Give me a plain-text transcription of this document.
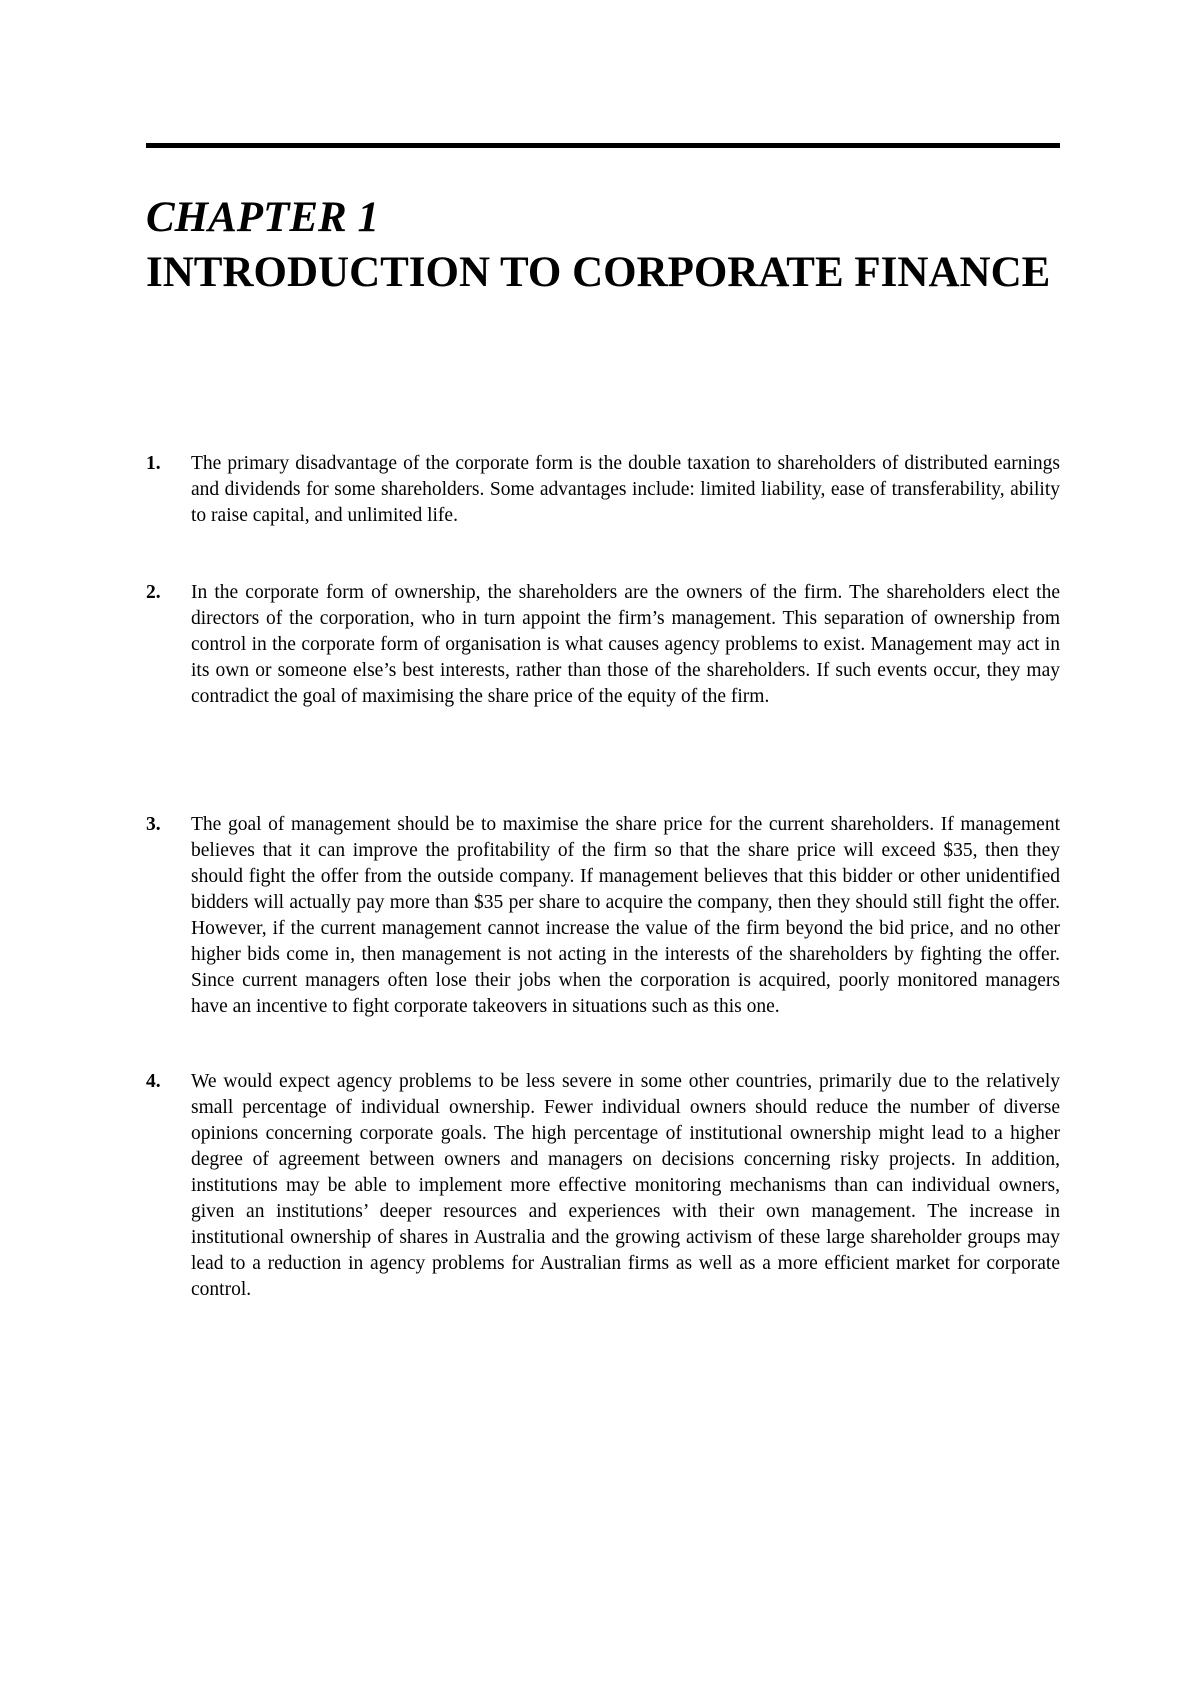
CHAPTER 1
INTRODUCTION TO CORPORATE FINANCE
1. The primary disadvantage of the corporate form is the double taxation to shareholders of distributed earnings and dividends for some shareholders. Some advantages include: limited liability, ease of transferability, ability to raise capital, and unlimited life.

2. In the corporate form of ownership, the shareholders are the owners of the firm. The shareholders elect the directors of the corporation, who in turn appoint the firm’s management. This separation of ownership from control in the corporate form of organisation is what causes agency problems to exist. Management may act in its own or someone else’s best interests, rather than those of the shareholders. If such events occur, they may contradict the goal of maximising the share price of the equity of the firm.

3. The goal of management should be to maximise the share price for the current shareholders. If management believes that it can improve the profitability of the firm so that the share price will exceed $35, then they should fight the offer from the outside company. If management believes that this bidder or other unidentified bidders will actually pay more than $35 per share to acquire the company, then they should still fight the offer. However, if the current management cannot increase the value of the firm beyond the bid price, and no other higher bids come in, then management is not acting in the interests of the shareholders by fighting the offer. Since current managers often lose their jobs when the corporation is acquired, poorly monitored managers have an incentive to fight corporate takeovers in situations such as this one.

4. We would expect agency problems to be less severe in some other countries, primarily due to the relatively small percentage of individual ownership. Fewer individual owners should reduce the number of diverse opinions concerning corporate goals. The high percentage of institutional ownership might lead to a higher degree of agreement between owners and managers on decisions concerning risky projects. In addition, institutions may be able to implement more effective monitoring mechanisms than can individual owners, given an institutions’ deeper resources and experiences with their own management. The increase in institutional ownership of shares in Australia and the growing activism of these large shareholder groups may lead to a reduction in agency problems for Australian firms as well as a more efficient market for corporate control.
